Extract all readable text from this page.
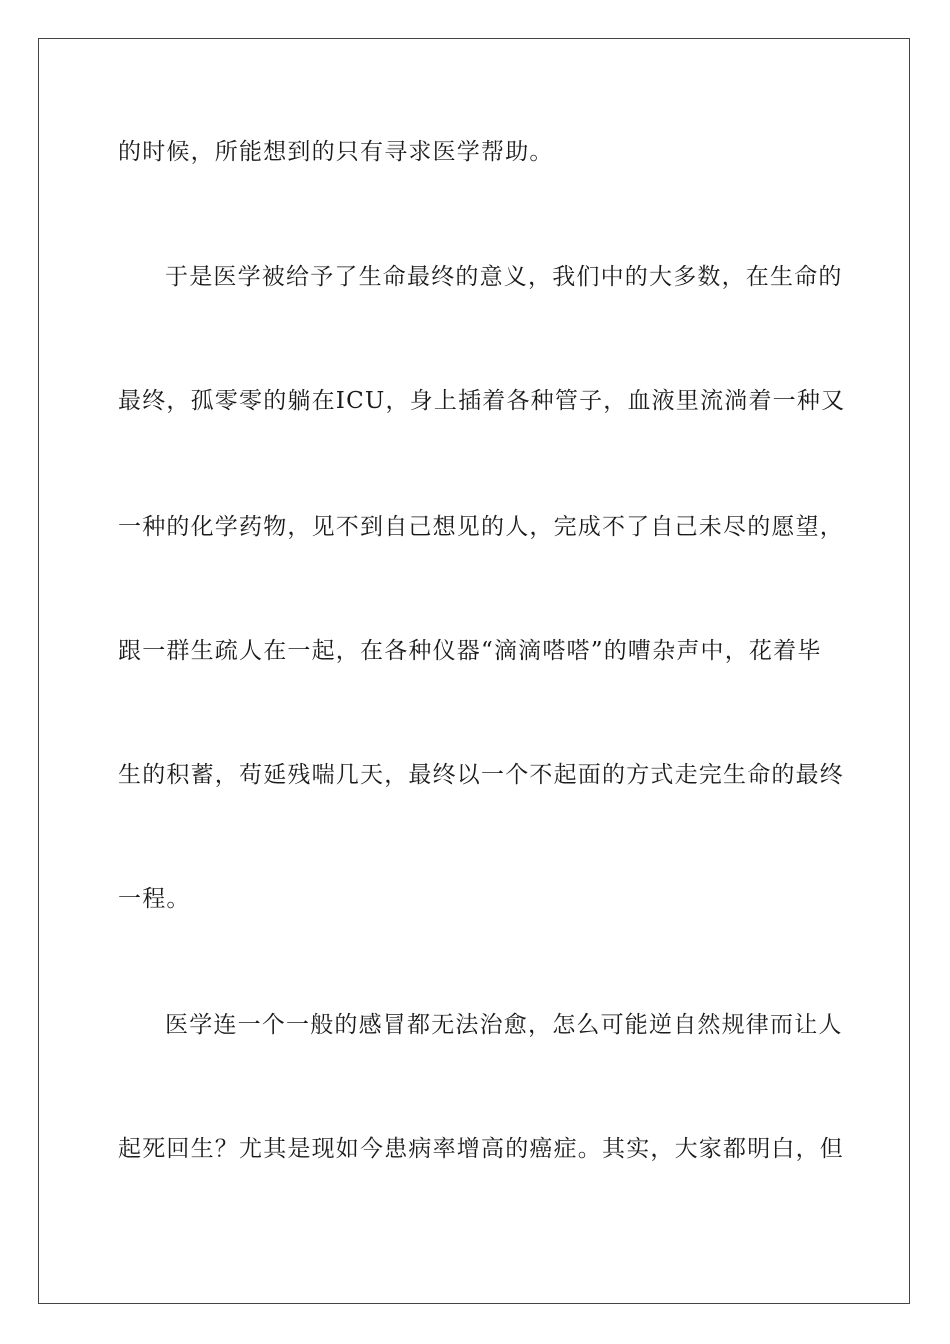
的时候，所能想到的只有寻求医学帮助。
于是医学被给予了生命最终的意义，我们中的大多数，在生命的
最终，孤零零的躺在ICU，身上插着各种管子，血液里流淌着一种又
一种的化学药物，见不到自己想见的人，完成不了自己未尽的愿望，
跟一群生疏人在一起，在各种仪器“滴滴嗒嗒”的嘈杂声中，花着毕
生的积蓄，苟延残喘几天，最终以一个不起面的方式走完生命的最终
一程。
医学连一个一般的感冒都无法治愈，怎么可能逆自然规律而让人
起死回生？尤其是现如今患病率增高的癌症。其实，大家都明白，但
